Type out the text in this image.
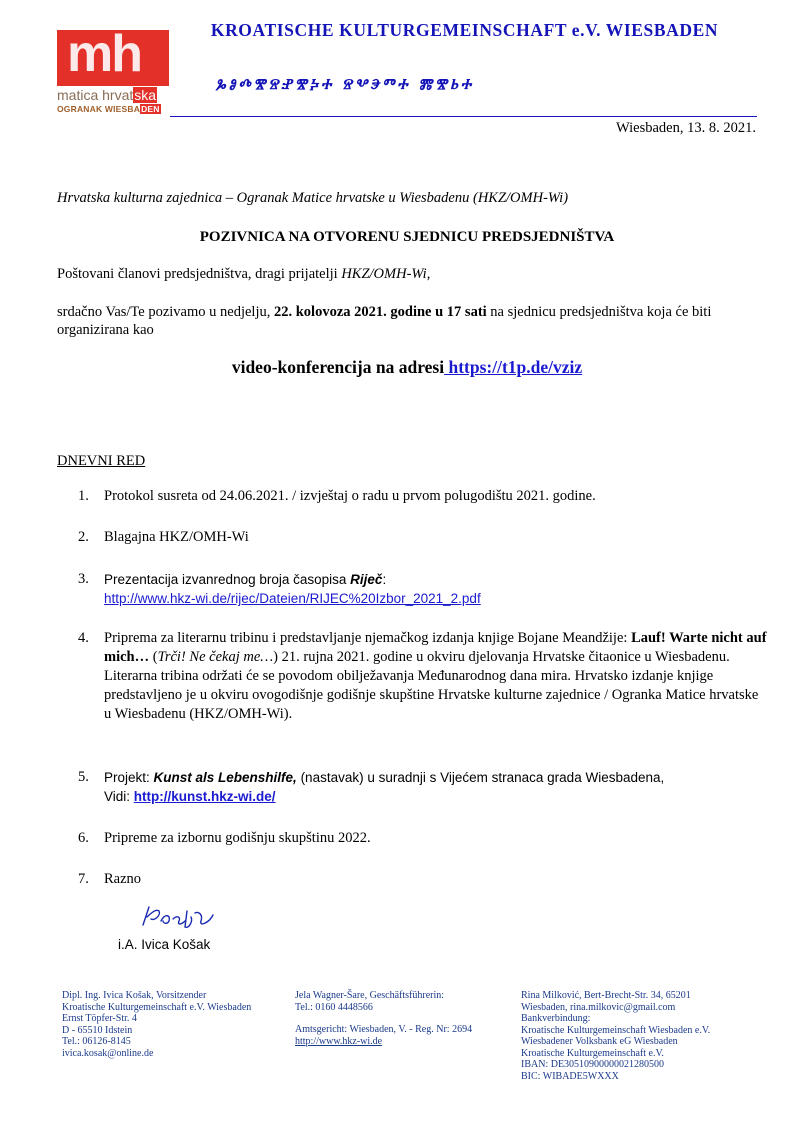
mh
matica hrvatska
OGRANAK WIESBADEN
KROATISCHE KULTURGEMEINSCHAFT e.V. WIESBADEN
ⰳⱁⰴⰺⱄⱀⰺⰽⰰ ⱄⰲⰵⱅⰰ ⰿⰺⱃⰰ
Wiesbaden, 13. 8. 2021.
Hrvatska kulturna zajednica – Ogranak Matice hrvatske u Wiesbadenu (HKZ/OMH-Wi)
POZIVNICA NA OTVORENU SJEDNICU PREDSJEDNIŠTVA
Poštovani članovi predsjedništva, dragi prijatelji HKZ/OMH-Wi,
srdačno Vas/Te pozivamo u nedjelju, 22. kolovoza 2021. godine u 17 sati na sjednicu predsjedništva koja će biti organizirana kao
video-konferencija na adresi https://t1p.de/vziz
DNEVNI RED
1.	Protokol susreta od 24.06.2021. / izvještaj o radu u prvom polugodištu 2021. godine.
2.	Blagajna HKZ/OMH-Wi
3.	Prezentacija izvanrednog broja časopisa Riječ:
http://www.hkz-wi.de/rijec/Dateien/RIJEC%20Izbor_2021_2.pdf
4.	Priprema za literarnu tribinu i predstavljanje njemačkog izdanja knjige Bojane Meandžije: Lauf! Warte nicht auf mich… (Trči! Ne čekaj me…) 21. rujna 2021. godine u okviru djelovanja Hrvatske čitaonice u Wiesbadenu.
Literarna tribina održati će se povodom obilježavanja Međunarodnog dana mira. Hrvatsko izdanje knjige predstavljeno je u okviru ovogodišnje godišnje skupštine Hrvatske kulturne zajednice / Ogranka Matice hrvatske u Wiesbadenu (HKZ/OMH-Wi).
5.	Projekt: Kunst als Lebenshilfe, (nastavak) u suradnji s Vijećem stranaca grada Wiesbadena,
Vidi: http://kunst.hkz-wi.de/
6.	Pripreme za izbornu godišnju skupštinu 2022.
7.	Razno
i.A. Ivica Košak
Dipl. Ing. Ivica Košak, Vorsitzender
Kroatische Kulturgemeinschaft e.V. Wiesbaden
Ernst Töpfer-Str. 4
D - 65510 Idstein
Tel.: 06126-8145
ivica.kosak@online.de
Jela Wagner-Šare, Geschäftsführerin:
Tel.: 0160 4448566
Amtsgericht: Wiesbaden, V. - Reg. Nr: 2694
http://www.hkz-wi.de
Rina Milković, Bert-Brecht-Str. 34, 65201
Wiesbaden, rina.milkovic@gmail.com
Bankverbindung:
Kroatische Kulturgemeinschaft Wiesbaden e.V.
Wiesbadener Volksbank eG Wiesbaden
Kroatische Kulturgemeinschaft e.V.
IBAN: DE30510900000021280500
BIC: WIBADE5WXXX
